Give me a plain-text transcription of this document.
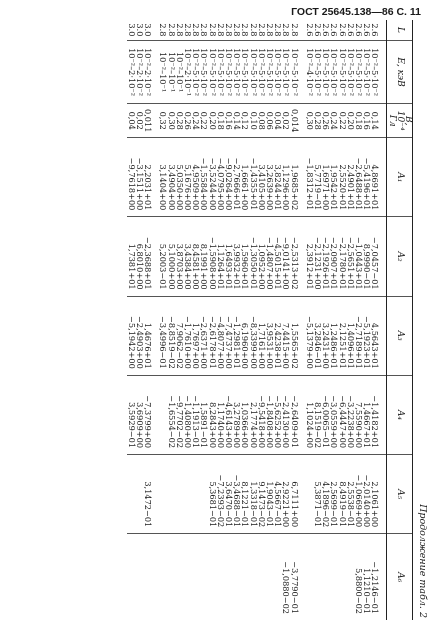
ГОСТ 25645.138—86 С. 11
Продолжение табл. 2								
L	E, кэВ	B, 10⁻⁴ Гл	A₁	A₂	A₃	A₄	A₅	A₆

2.6	10⁻²–5·10⁻²	0,14	4,8691+01	−7,0457−01	4,5643+01	−1,4182+01	2,1061+00	−1,2146−01
2.6	10⁻²–5·10⁻²	0,16	−5,4196+01	8,9990−01	−5,1923+01	1,4667+01	−2,0140+00	1,1210−01
2.6	10⁻²–5·10⁻²	0,18	−2,6488+01	−1,0443+01	−2,7189+01	7,5590+00	−1,0669+00	5,8800−02
2.6	10⁻²–5·10⁻²	0,20	2,4901+01	−2,5651+01	1,4096+01	−3,2238+00	2,5538−01	
2.6	10⁻²–5·10⁻²	0,22	2,5520+01	−2,1780+01	2,1251+01	−6,4447+00	8,4919−01	
2.6	10⁻²–5·10⁻²	0,24	1,9542+01	−2,0907+01	1,2486+01	−3,0559+00	2,5699−01	
2.6	10⁻²–5·10⁻²	0,26	1,6971+00	−2,1926+01	3,2431+00	−6,0065−01	4,1896−02	
2.6	10⁻²–5·10⁻²	0,28	5,7719−01	−2,1231+00	3,2846−01	8,1519−02	5,3871−01	
2.6	10⁻²–4·10⁻²	0,30	−1,8312+01	2,3912+01	−5,1379+00	1,1024+00		

2.8	10⁻²–5·10⁻²	0,014	1,9685+02	−2,5313+02	1,5565+02	−2,6409+01	6,7111+00	−3,7790−01
2.8	10⁻²–5·10⁻²	0,02	1,1296+00	−9,0141+00	7,4415+00	−2,4130+00	2,9221+00	−1,0880−02
2.8	10⁻²–5·10⁻²	0,04	3,8244+01	−4,5015+01	2,4238+01	−5,6252+00	4,5667−01	
2.8	10⁻²–5·10⁻²	0,06	3,2639+00	−1,4807+00	3,9531+00	−1,8408+00	1,9043−01	
2.8	10⁻²–5·10⁻²	0,08	3,4105+00	1,0952+00	1,7161+00	−9,5418+00	9,1473−02	
2.8	10⁻²–5·10⁻²	0,10	−1,4355+01	−1,3050+01	−8,3399+00	2,1774+00	1,3318−01	
2.8	10⁻²–5·10⁻²	0,12	1,6661+00	1,5960+01	6,1960+00	1,0366+00	8,1221−01	
2.8	10⁻²–5·10⁻²	0,14	−2,7666+01	3,9932+01	−1,2981+01	3,2789+00	−3,4688−01	
2.8	10⁻²–5·10⁻²	0,16	−9,0264+00	1,6493+01	−7,4737+00	−4,6143+00	3,6470−01	
2.8	10⁻²–5·10⁻²	0,18	−4,0795+00	1,1264+01	−4,8077+00	1,1740+00	−7,2393−02	
2.8	10⁻²–5·10⁻²	0,20	−3,5244+00	−1,5908+00	−2,6178+01	8,2843+00	5,3681−01	
2.8	10⁻²–5·10⁻²	0,22	−1,5584+00	8,1991+00	−2,6371+00	1,5891−01		
2.8	10⁻²–5·10⁻²	0,24	4,9509+00	8,4581+00	1,7697+00	−1,1913−01		
2.8	10⁻²–2·10⁻¹	0,26	5,1676+00	3,4384+00	−1,7610+00	−1,4080+00		
2.8	10⁻²–10⁻¹	0,28	5,0350+00	3,8703+00	7,9062−02	−9,7702−02		
2.8	10⁻²–10⁻¹	0,30	3,4904+00	5,1000+00	−8,8519−02	−1,6554−02		
2.8	10⁻²–10⁻¹	0,32	3,1404+00	5,2003−01	−3,4996−01			

3.0	10⁻²–2·10⁻²	0,011	2,2031+01	−2,3688+01	1,4676+01	−7,3799+00	3,1472−01	
3.0	10⁻²–2·10⁻²	0,02	−3,1511+00	6,8010+00	−2,4903+00	3,6909+00		
3.0	10⁻²–2·10⁻²	0,04	−9,7618+00	1,7381+01	−5,1942+00	3,5929−01		
